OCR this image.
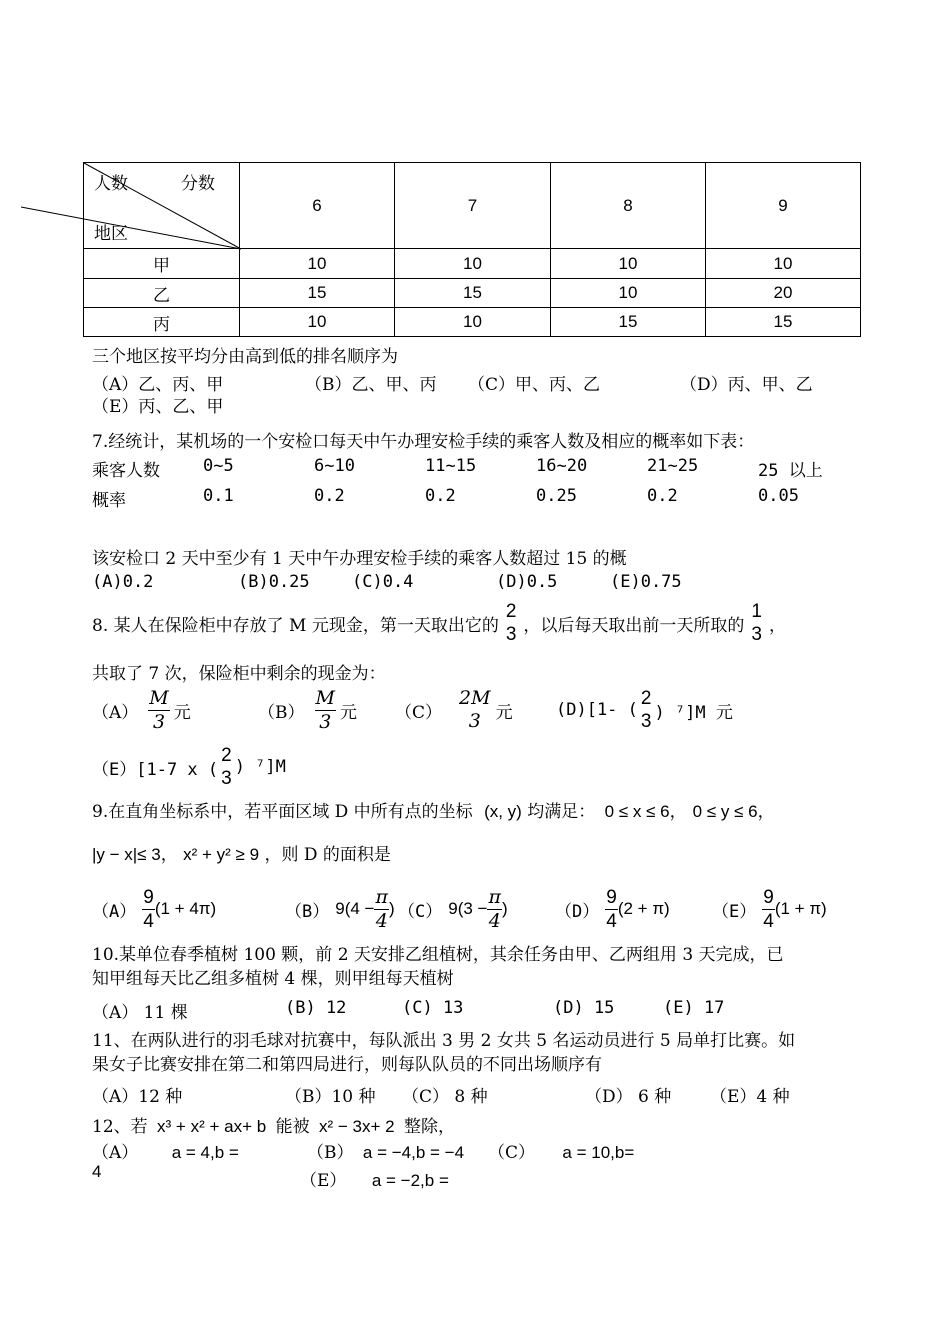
人数 分数
地区	6	7	8	9
甲	10	10	10	10
乙	15	15	10	20
丙	10	10	15	15
三个地区按平均分由高到低的排名顺序为
（A）乙、丙、甲	（B）乙、甲、丙 （C）甲、丙、乙	（D）丙、甲、乙
（E）丙、乙、甲
7.经统计，某机场的一个安检口每天中午办理安检手续的乘客人数及相应的概率如下表：
乘客人数	0~5	6~10	11~15	16~20	21~25	25 以上
概率	0.1	0.2	0.2	0.25	0.2	0.05
该安检口 2 天中至少有 1 天中午办理安检手续的乘客人数超过 15 的概
(A)0.2	(B)0.25 (C)0.4	(D)0.5	(E)0.75
8. 某人在保险柜中存放了 M 元现金，第一天取出它的
2
3 ，以后每天取出前一天所取的
1
3 ，
共取了 7 次，保险柜中剩余的现金为：
$(A) \frac{M}{3}$ 元	$(B) \frac{M}{3}$ 元 （C）
2M
3 元	(D)[1- (
2
3 ) ⁷]M 元
（E）[1-7 x (
2
3
) ⁷]M
9.在直角坐标系中，若平面区域 D 中所有点的坐标 (x, y) 均满足： 0 ≤ x ≤ 6， 0 ≤ y ≤ 6，
|y − x|≤ 3， x² + y² ≥ 9 ，则 D 的面积是
$(A) \frac{9}{4} (1 + 4\pi)$	（B） $9(4 - \frac{\pi}{4}$ ) （C） $9(3 - \frac{\pi}{4}$ )	$(D) \frac{9}{4} (2 + \pi)$ $(E) \frac{9}{4} (1 + \pi)$
10.某单位春季植树 100 颗，前 2 天安排乙组植树，其余任务由甲、乙两组用 3 天完成，已
知甲组每天比乙组多植树 4 棵，则甲组每天植树
（A） 11 棵	(B) 12	(C) 13	(D) 15	(E) 17
11、在两队进行的羽毛球对抗赛中，每队派出 3 男 2 女共 5 名运动员进行 5 局单打比赛。如
果女子比赛安排在第二和第四局进行，则每队队员的不同出场顺序有
（A）12 种	（B）10 种 （C） 8 种	（D） 6 种 （E）4 种
12、若 x³ + x² + ax+ b 能被 x² − 3x+ 2 整除，
（A） a = 4,b =
4
（B） a = −4,b = −4 （C） a = 10,b=
（E） a = −2,b =
